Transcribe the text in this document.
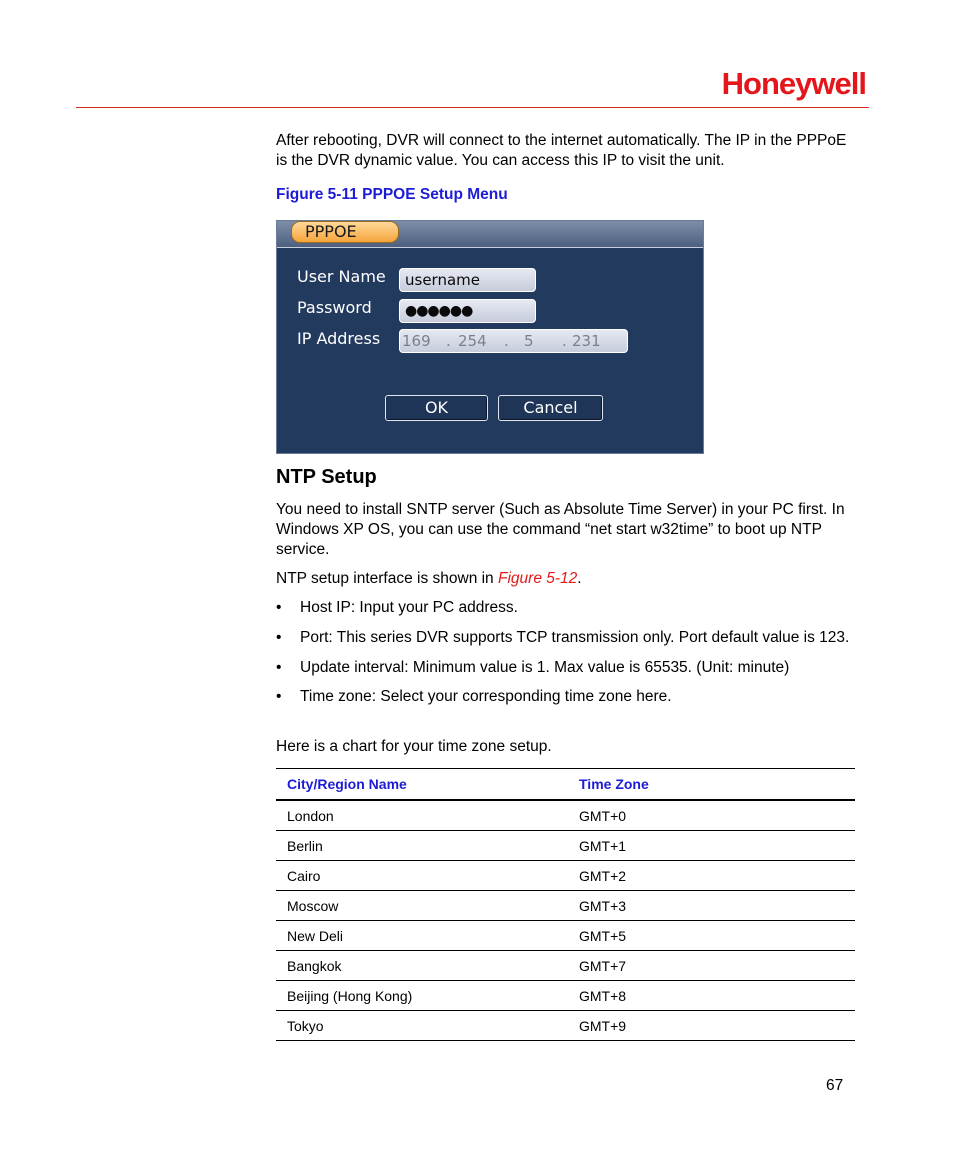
Honeywell

After rebooting, DVR will connect to the internet automatically. The IP in the PPPoE is the DVR dynamic value. You can access this IP to visit the unit.

Figure 5-11 PPPOE Setup Menu
PPPOE
User Name	username
Password	●●●●●●
IP Address 169 . 254 . 5 . 231
OK	Cancel
NTP Setup

You need to install SNTP server (Such as Absolute Time Server) in your PC first. In Windows XP OS, you can use the command “net start w32time” to boot up NTP service.

NTP setup interface is shown in Figure 5-12.

• Host IP: Input your PC address.
• Port: This series DVR supports TCP transmission only. Port default value is 123.
• Update interval: Minimum value is 1. Max value is 65535. (Unit: minute)
• Time zone: Select your corresponding time zone here.

Here is a chart for your time zone setup.

City/Region Name	Time Zone
London	GMT+0
Berlin	GMT+1
Cairo	GMT+2
Moscow	GMT+3
New Deli	GMT+5
Bangkok	GMT+7
Beijing (Hong Kong)	GMT+8
Tokyo	GMT+9
67
